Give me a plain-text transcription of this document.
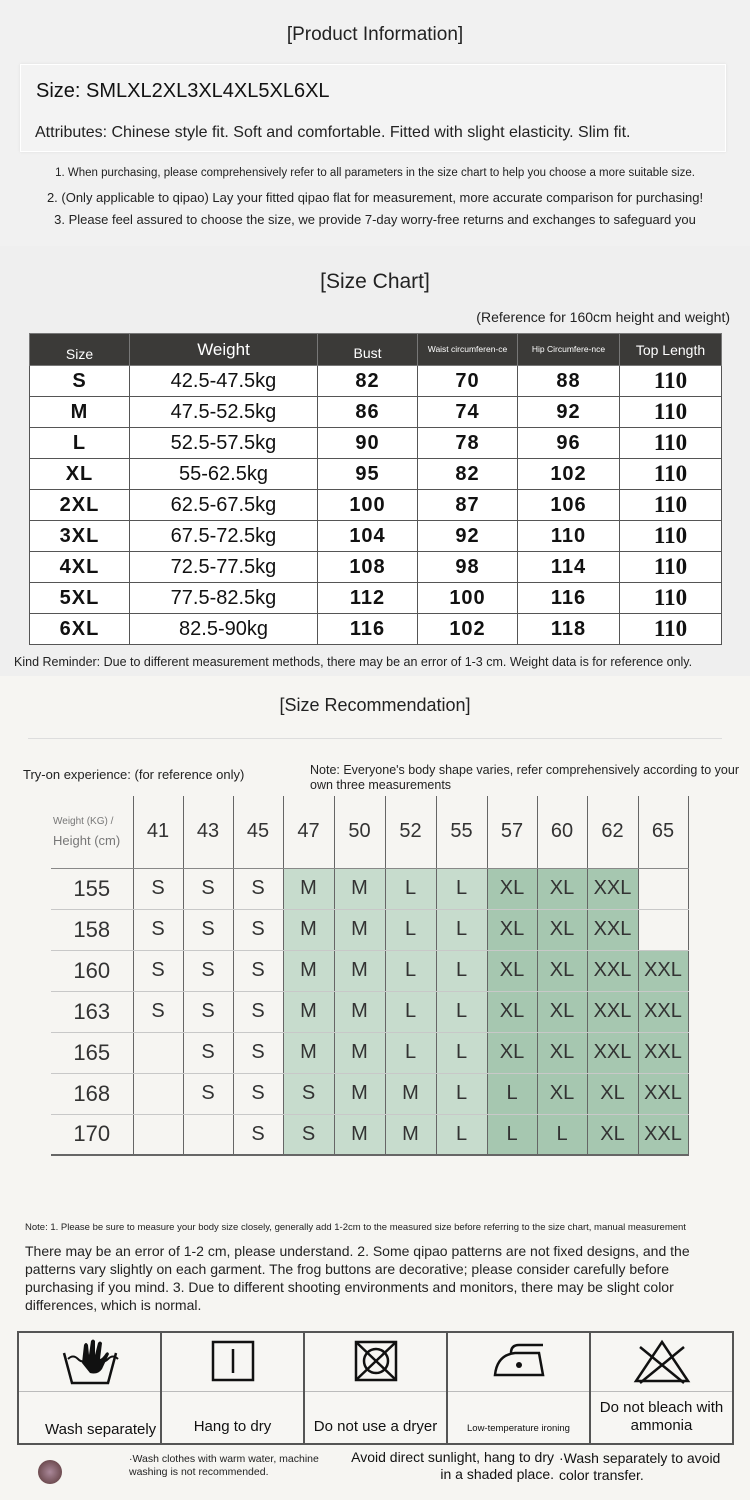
[Product Information]
Size: SMLXL2XL3XL4XL5XL6XL
Attributes: Chinese style fit. Soft and comfortable. Fitted with slight elasticity. Slim fit.
1. When purchasing, please comprehensively refer to all parameters in the size chart to help you choose a more suitable size.
2. (Only applicable to qipao) Lay your fitted qipao flat for measurement, more accurate comparison for purchasing!
3. Please feel assured to choose the size, we provide 7-day worry-free returns and exchanges to safeguard you
[Size Chart]
(Reference for 160cm height and weight)
Size	Weight	Bust	Waist circumferen-ce	Hip Circumfere-nce	Top Length
S	42.5-47.5kg	82	70	88	110
M	47.5-52.5kg	86	74	92	110
L	52.5-57.5kg	90	78	96	110
XL	55-62.5kg	95	82	102	110
2XL	62.5-67.5kg	100	87	106	110
3XL	67.5-72.5kg	104	92	110	110
4XL	72.5-77.5kg	108	98	114	110
5XL	77.5-82.5kg	112	100	116	110
6XL	82.5-90kg	116	102	118	110
Kind Reminder: Due to different measurement methods, there may be an error of 1-3 cm. Weight data is for reference only.
[Size Recommendation]
Try-on experience: (for reference only)	Note: Everyone's body shape varies, refer comprehensively according to your own three measurements
Weight (KG) /
Height (cm)	41	43	45	47	50	52	55	57	60	62	65
155	S	S	S	M	M	L	L	XL	XL	XXL	
158	S	S	S	M	M	L	L	XL	XL	XXL	
160	S	S	S	M	M	L	L	XL	XL	XXL	XXL
163	S	S	S	M	M	L	L	XL	XL	XXL	XXL
165		S	S	M	M	L	L	XL	XL	XXL	XXL
168		S	S	S	M	M	L	L	XL	XL	XXL
170			S	S	M	M	L	L	L	XL	XXL
Note: 1. Please be sure to measure your body size closely, generally add 1-2cm to the measured size before referring to the size chart, manual measurement
There may be an error of 1-2 cm, please understand. 2. Some qipao patterns are not fixed designs, and the patterns vary slightly on each garment. The frog buttons are decorative; please consider carefully before purchasing if you mind. 3. Due to different shooting environments and monitors, there may be slight color differences, which is normal.
Wash separately	Hang to dry	Do not use a dryer	Low-temperature ironing

Do not bleach with ammonia
·Wash clothes with warm water, machine washing is not recommended.
Avoid direct sunlight, hang to dry in a shaded place.
·Wash separately to avoid color transfer.
